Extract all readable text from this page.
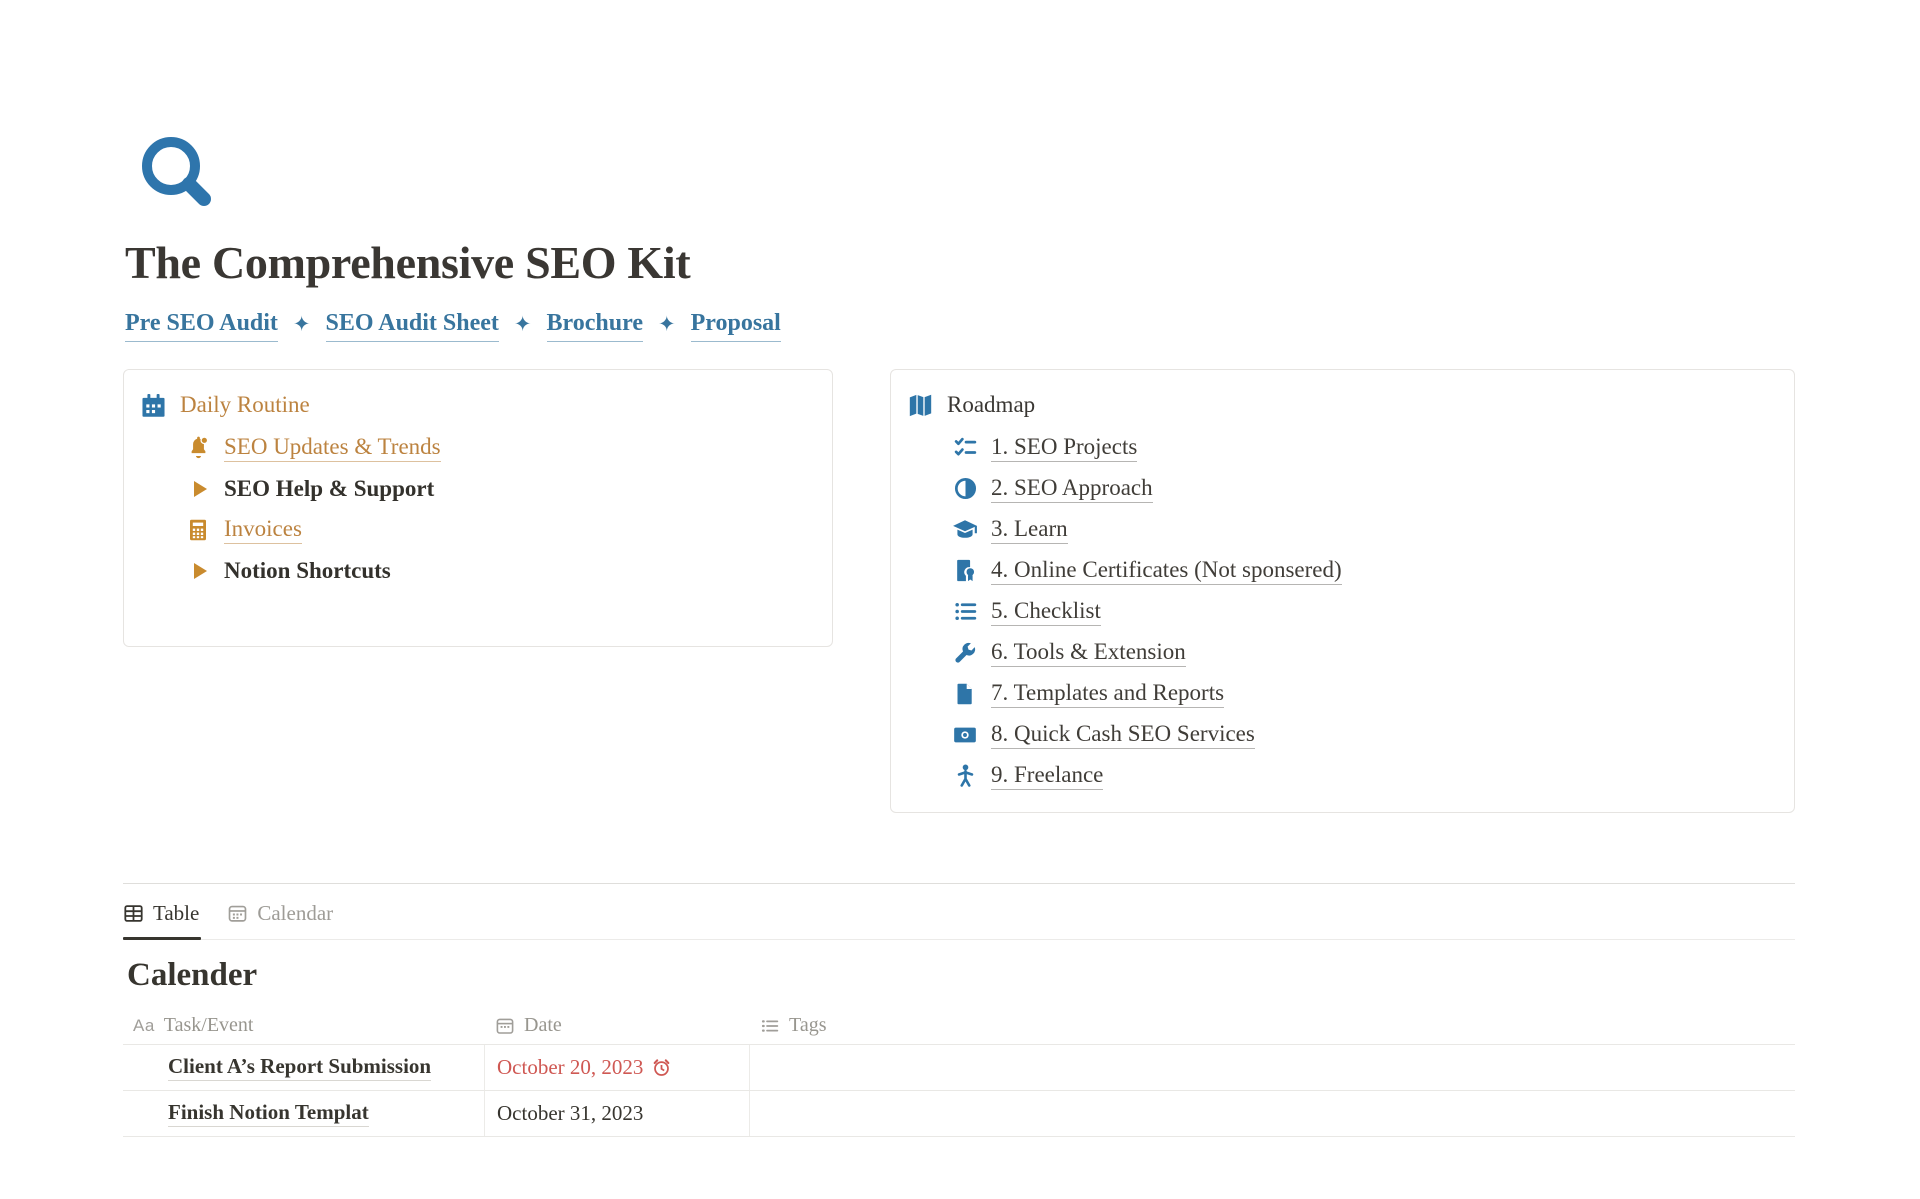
The Comprehensive SEO Kit
Pre SEO Audit ✦ SEO Audit Sheet ✦ Brochure ✦ Proposal
Daily Routine
SEO Updates & Trends
SEO Help & Support
Invoices
Notion Shortcuts
Roadmap
1. SEO Projects
2. SEO Approach
3. Learn
4. Online Certificates (Not sponsered)
5. Checklist
6. Tools & Extension
7. Templates and Reports
8. Quick Cash SEO Services
9. Freelance
Table	Calendar
Calender
Aa Task/Event	Date	Tags
Client A’s Report Submission	October 20, 2023
Finish Notion Templat	October 31, 2023
